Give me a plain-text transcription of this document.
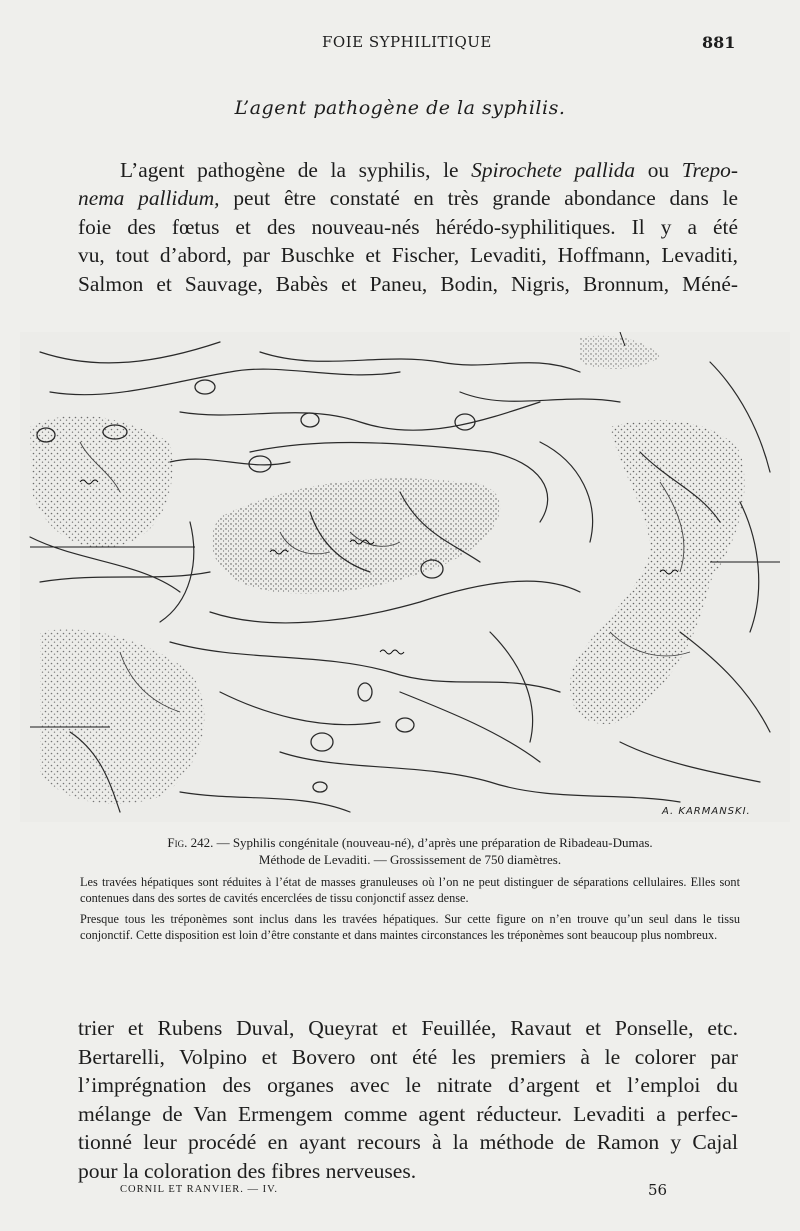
FOIE SYPHILITIQUE	881
L’agent pathogène de la syphilis.
L’agent pathogène de la syphilis, le Spirochete pallida ou Trepo-
nema pallidum, peut être constaté en très grande abondance dans le
foie des fœtus et des nouveau-nés hérédo-syphilitiques. Il y a été
vu, tout d’abord, par Buschke et Fischer, Levaditi, Hoffmann, Levaditi,
Salmon et Sauvage, Babès et Paneu, Bodin, Nigris, Bronnum, Méné-
A. KARMANSKI.
Fig. 242. — Syphilis congénitale (nouveau-né), d’après une préparation de Ribadeau-Dumas.
Méthode de Levaditi. — Grossissement de 750 diamètres.
Les travées hépatiques sont réduites à l’état de masses granuleuses où l’on ne peut distinguer de séparations cellulaires. Elles sont contenues dans des sortes de cavités encerclées de tissu conjonctif assez dense.
Presque tous les tréponèmes sont inclus dans les travées hépatiques. Sur cette figure on n’en trouve qu’un seul dans le tissu conjonctif. Cette disposition est loin d’être constante et dans maintes circonstances les tréponèmes sont beaucoup plus nombreux.
trier et Rubens Duval, Queyrat et Feuillée, Ravaut et Ponselle, etc.
Bertarelli, Volpino et Bovero ont été les premiers à le colorer par
l’imprégnation des organes avec le nitrate d’argent et l’emploi du
mélange de Van Ermengem comme agent réducteur. Levaditi a perfec-
tionné leur procédé en ayant recours à la méthode de Ramon y Cajal
pour la coloration des fibres nerveuses.
CORNIL ET RANVIER. — IV.	56
